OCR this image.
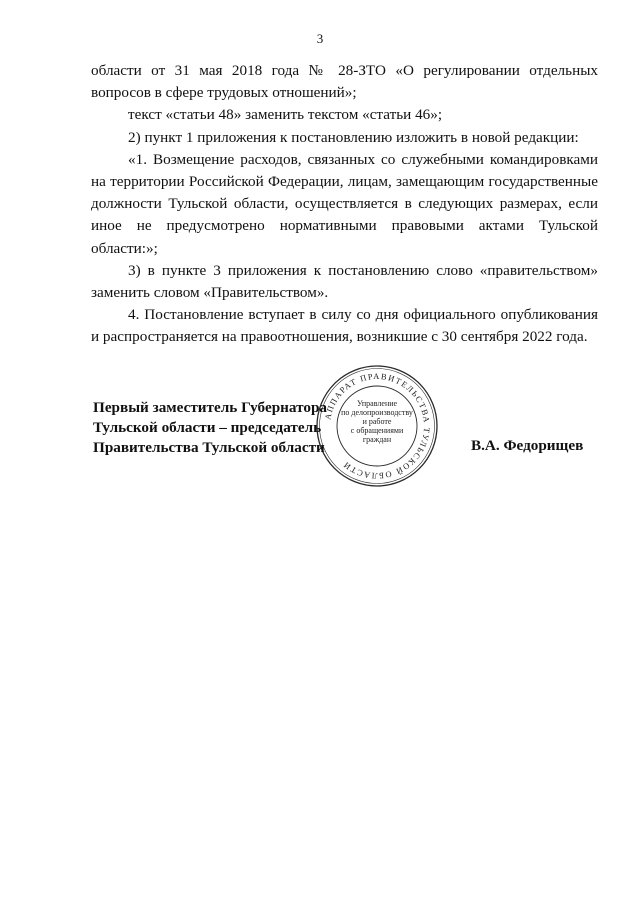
3

области от 31 мая 2018 года № 28-ЗТО «О регулировании отдельных вопросов в сфере трудовых отношений»;

текст «статьи 48» заменить текстом «статьи 46»;

2) пункт 1 приложения к постановлению изложить в новой редакции:

«1. Возмещение расходов, связанных со служебными командировками на территории Российской Федерации, лицам, замещающим государственные должности Тульской области, осуществляется в следующих размерах, если иное не предусмотрено нормативными правовыми актами Тульской области:»;

3) в пункте 3 приложения к постановлению слово «правительством» заменить словом «Правительством».

4. Постановление вступает в силу со дня официального опубликования и распространяется на правоотношения, возникшие с 30 сентября 2022 года.

АППАРАТ ПРАВИТЕЛЬСТВА ТУЛЬСКОЙ ОБЛАСТИ
Управление
по делопроизводству
и работе
с обращениями
граждан
Первый заместитель Губернатора
Тульской области – председатель
Правительства Тульской области	В.А. Федорищев
